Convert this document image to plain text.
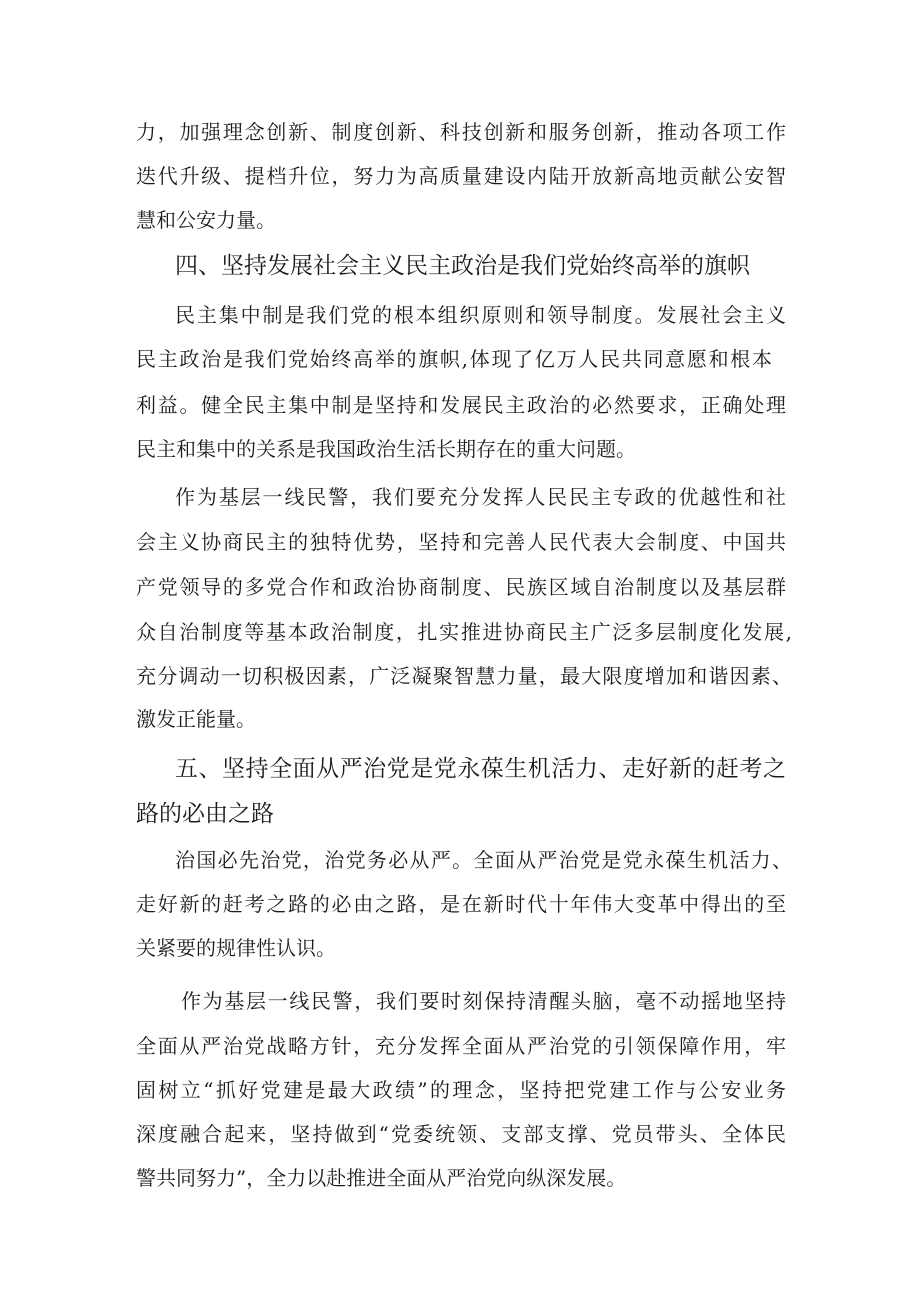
力，加强理念创新、制度创新、科技创新和服务创新，推动各项工作
迭代升级、提档升位，努力为高质量建设内陆开放新高地贡献公安智
慧和公安力量。
四、坚持发展社会主义民主政治是我们党始终高举的旗帜
民主集中制是我们党的根本组织原则和领导制度。发展社会主义
民主政治是我们党始终高举的旗帜,体现了亿万人民共同意愿和根本
利益。健全民主集中制是坚持和发展民主政治的必然要求，正确处理
民主和集中的关系是我国政治生活长期存在的重大问题。
作为基层一线民警，我们要充分发挥人民民主专政的优越性和社
会主义协商民主的独特优势，坚持和完善人民代表大会制度、中国共
产党领导的多党合作和政治协商制度、民族区域自治制度以及基层群
众自治制度等基本政治制度，扎实推进协商民主广泛多层制度化发展,
充分调动一切积极因素，广泛凝聚智慧力量，最大限度增加和谐因素、
激发正能量。
五、坚持全面从严治党是党永葆生机活力、走好新的赶考之
路的必由之路
治国必先治党，治党务必从严。全面从严治党是党永葆生机活力、
走好新的赶考之路的必由之路，是在新时代十年伟大变革中得出的至
关紧要的规律性认识。
作为基层一线民警，我们要时刻保持清醒头脑，毫不动摇地坚持
全面从严治党战略方针，充分发挥全面从严治党的引领保障作用，牢
固树立“抓好党建是最大政绩”的理念，坚持把党建工作与公安业务
深度融合起来，坚持做到“党委统领、支部支撑、党员带头、全体民
警共同努力”，全力以赴推进全面从严治党向纵深发展。
